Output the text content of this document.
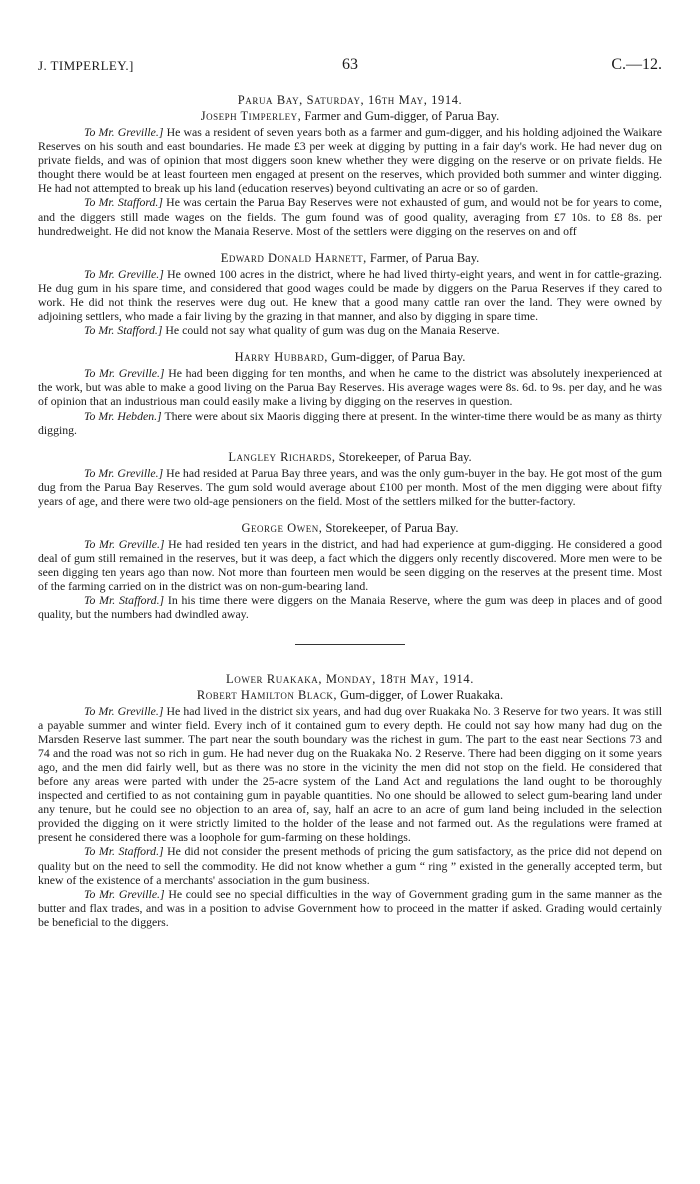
J. TIMPERLEY.]	63	C.—12.

Parua Bay, Saturday, 16th May, 1914.

Joseph Timperley, Farmer and Gum-digger, of Parua Bay.

To Mr. Greville.] He was a resident of seven years both as a farmer and gum-digger, and his holding adjoined the Waikare Reserves on his south and east boundaries. He made £3 per week at digging by putting in a fair day's work. He had never dug on private fields, and was of opinion that most diggers soon knew whether they were digging on the reserve or on private fields. He thought there would be at least fourteen men engaged at present on the reserves, which provided both summer and winter digging. He had not attempted to break up his land (education reserves) beyond cultivating an acre or so of garden.

To Mr. Stafford.] He was certain the Parua Bay Reserves were not exhausted of gum, and would not be for years to come, and the diggers still made wages on the fields. The gum found was of good quality, averaging from £7 10s. to £8 8s. per hundredweight. He did not know the Manaia Reserve. Most of the settlers were digging on the reserves on and off

Edward Donald Harnett, Farmer, of Parua Bay.

To Mr. Greville.] He owned 100 acres in the district, where he had lived thirty-eight years, and went in for cattle-grazing. He dug gum in his spare time, and considered that good wages could be made by diggers on the Parua Reserves if they cared to work. He did not think the reserves were dug out. He knew that a good many cattle ran over the land. They were owned by adjoining settlers, who made a fair living by the grazing in that manner, and also by digging in spare time.

To Mr. Stafford.] He could not say what quality of gum was dug on the Manaia Reserve.

Harry Hubbard, Gum-digger, of Parua Bay.

To Mr. Greville.] He had been digging for ten months, and when he came to the district was absolutely inexperienced at the work, but was able to make a good living on the Parua Bay Reserves. His average wages were 8s. 6d. to 9s. per day, and he was of opinion that an industrious man could easily make a living by digging on the reserves in question.

To Mr. Hebden.] There were about six Maoris digging there at present. In the winter-time there would be as many as thirty digging.

Langley Richards, Storekeeper, of Parua Bay.

To Mr. Greville.] He had resided at Parua Bay three years, and was the only gum-buyer in the bay. He got most of the gum dug from the Parua Bay Reserves. The gum sold would average about £100 per month. Most of the men digging were about fifty years of age, and there were two old-age pensioners on the field. Most of the settlers milked for the butter-factory.

George Owen, Storekeeper, of Parua Bay.

To Mr. Greville.] He had resided ten years in the district, and had had experience at gum-digging. He considered a good deal of gum still remained in the reserves, but it was deep, a fact which the diggers only recently discovered. More men were to be seen digging ten years ago than now. Not more than fourteen men would be seen digging on the reserves at the present time. Most of the farming carried on in the district was on non-gum-bearing land.

To Mr. Stafford.] In his time there were diggers on the Manaia Reserve, where the gum was deep in places and of good quality, but the numbers had dwindled away.

Lower Ruakaka, Monday, 18th May, 1914.

Robert Hamilton Black, Gum-digger, of Lower Ruakaka.

To Mr. Greville.] He had lived in the district six years, and had dug over Ruakaka No. 3 Reserve for two years. It was still a payable summer and winter field. Every inch of it contained gum to every depth. He could not say how many had dug on the Marsden Reserve last summer. The part near the south boundary was the richest in gum. The part to the east near Sections 73 and 74 and the road was not so rich in gum. He had never dug on the Ruakaka No. 2 Reserve. There had been digging on it some years ago, and the men did fairly well, but as there was no store in the vicinity the men did not stop on the field. He considered that before any areas were parted with under the 25-acre system of the Land Act and regulations the land ought to be thoroughly inspected and certified to as not containing gum in payable quantities. No one should be allowed to select gum-bearing land under any tenure, but he could see no objection to an area of, say, half an acre to an acre of gum land being included in the selection provided the digging on it were strictly limited to the holder of the lease and not farmed out. As the regulations were framed at present he considered there was a loophole for gum-farming on these holdings.

To Mr. Stafford.] He did not consider the present methods of pricing the gum satisfactory, as the price did not depend on quality but on the need to sell the commodity. He did not know whether a gum “ ring ” existed in the generally accepted term, but knew of the existence of a merchants' association in the gum business.

To Mr. Greville.] He could see no special difficulties in the way of Government grading gum in the same manner as the butter and flax trades, and was in a position to advise Government how to proceed in the matter if asked. Grading would certainly be beneficial to the diggers.
